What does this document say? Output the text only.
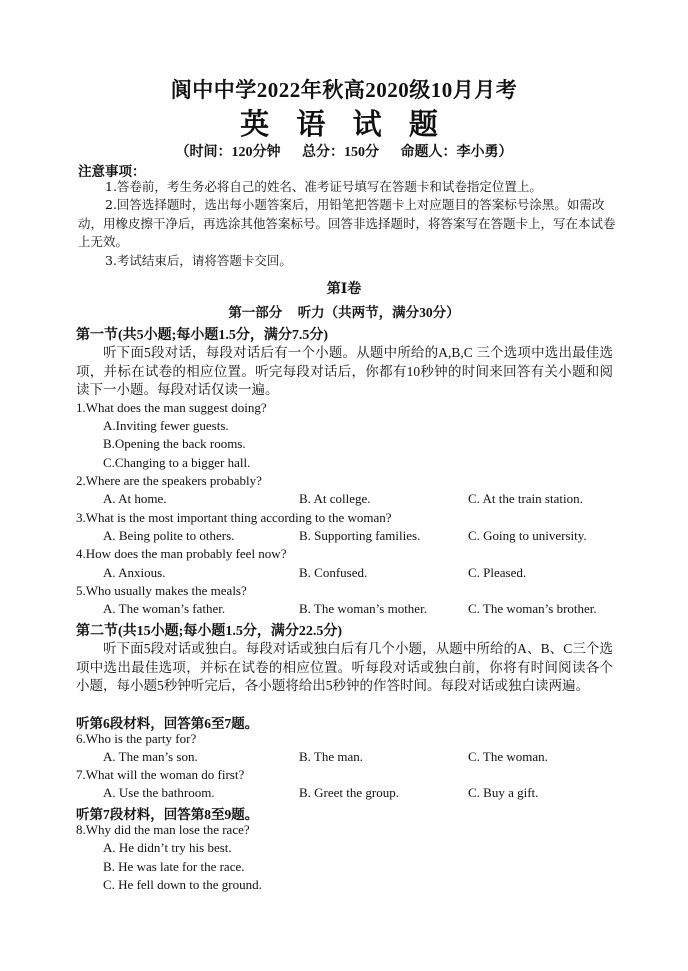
阆中中学2022年秋高2020级10月月考
英 语 试 题
（时间：120分钟 总分：150分 命题人：李小勇）
注意事项：
1.答卷前，考生务必将自己的姓名、准考证号填写在答题卡和试卷指定位置上。
2.回答选择题时，选出每小题答案后，用铅笔把答题卡上对应题目的答案标号涂黑。如需改动，用橡皮擦干净后，再选涂其他答案标号。回答非选择题时，将答案写在答题卡上，写在本试卷上无效。
3.考试结束后，请将答题卡交回。
第Ⅰ卷
第一部分 听力（共两节，满分30分）
第一节(共5小题;每小题1.5分，满分7.5分)
听下面5段对话，每段对话后有一个小题。从题中所给的A,B,C 三个选项中选出最佳选项，并标在试卷的相应位置。听完每段对话后，你都有10秒钟的时间来回答有关小题和阅读下一小题。每段对话仅读一遍。
1.What does the man suggest doing?
A.Inviting fewer guests.
B.Opening the back rooms.
C.Changing to a bigger hall.
2.Where are the speakers probably?
A. At home.	B. At college.	C. At the train station.
3.What is the most important thing according to the woman?
A. Being polite to others.	B. Supporting families.	C. Going to university.
4.How does the man probably feel now?
A. Anxious.	B. Confused.	C. Pleased.
5.Who usually makes the meals?
A. The woman’s father.	B. The woman’s mother.	C. The woman’s brother.
第二节(共15小题;每小题1.5分，满分22.5分)
听下面5段对话或独白。每段对话或独白后有几个小题，从题中所给的A、B、C三个选项中选出最佳选项，并标在试卷的相应位置。听每段对话或独白前，你将有时间阅读各个小题，每小题5秒钟听完后，各小题将给出5秒钟的作答时间。每段对话或独白读两遍。
听第6段材料，回答第6至7题。
6.Who is the party for?
A. The man’s son.	B. The man.	C. The woman.
7.What will the woman do first?
A. Use the bathroom.	B. Greet the group.	C. Buy a gift.
听第7段材料，回答第8至9题。
8.Why did the man lose the race?
A. He didn’t try his best.
B. He was late for the race.
C. He fell down to the ground.
